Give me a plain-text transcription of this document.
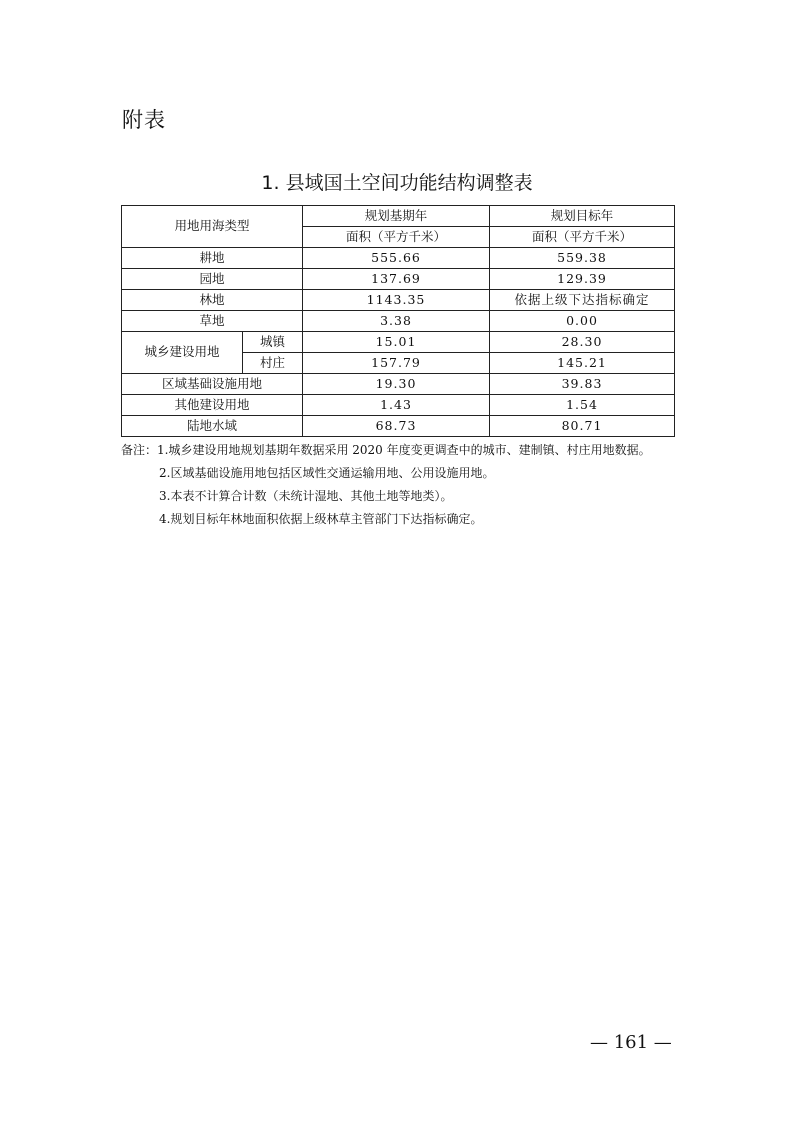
附表
1. 县域国土空间功能结构调整表
用地用海类型		规划基期年	规划目标年
		面积（平方千米）	面积（平方千米）
耕地		555.66	559.38
园地		137.69	129.39
林地		1143.35	依据上级下达指标确定
草地		3.38	0.00
城乡建设用地	城镇	15.01	28.30
	村庄	157.79	145.21
区域基础设施用地		19.30	39.83
其他建设用地		1.43	1.54
陆地水域		68.73	80.71

备注：1.城乡建设用地规划基期年数据采用 2020 年度变更调查中的城市、建制镇、村庄用地数据。

2.区域基础设施用地包括区域性交通运输用地、公用设施用地。

3.本表不计算合计数（未统计湿地、其他土地等地类）。

4.规划目标年林地面积依据上级林草主管部门下达指标确定。

— 161 —
